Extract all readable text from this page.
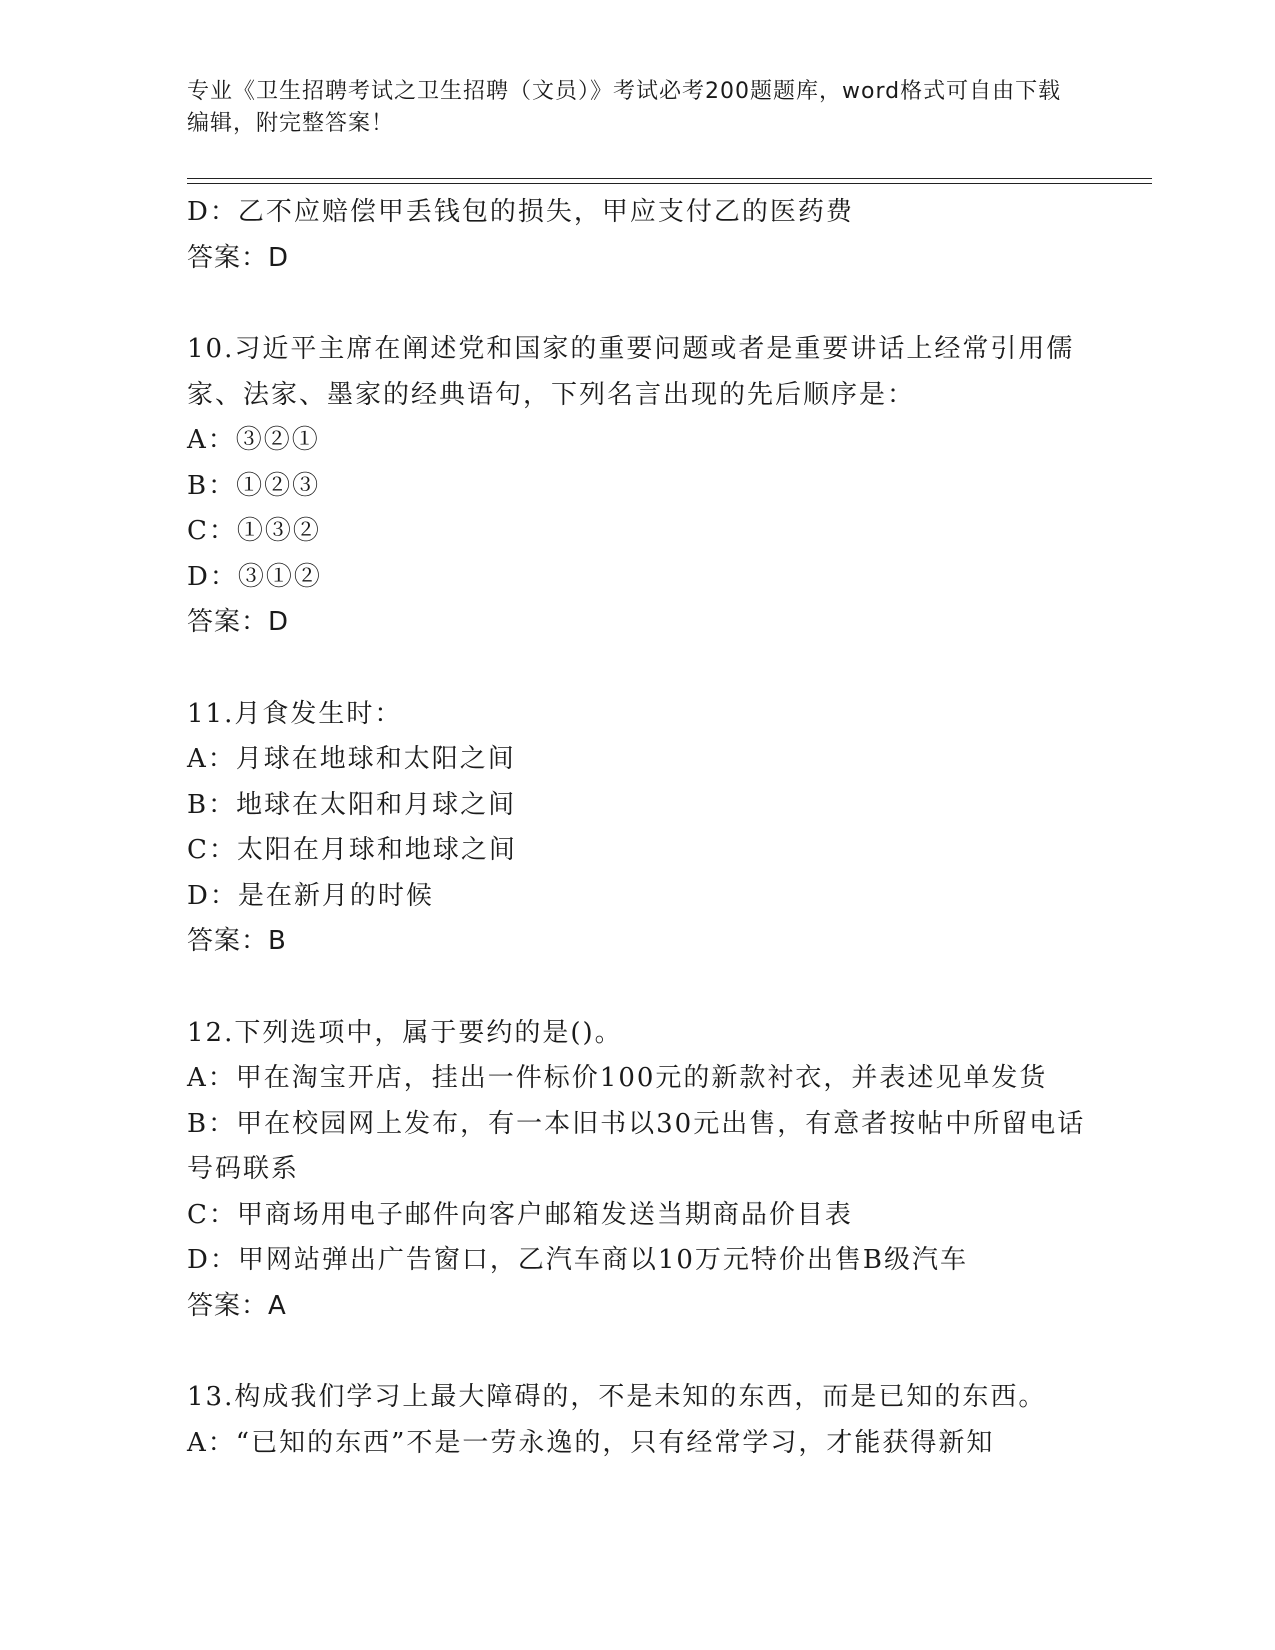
专业《卫生招聘考试之卫生招聘（文员）》考试必考200题题库，word格式可自由下载编辑，附完整答案！
D：乙不应赔偿甲丢钱包的损失，甲应支付乙的医药费
答案：D
10.习近平主席在阐述党和国家的重要问题或者是重要讲话上经常引用儒家、法家、墨家的经典语句，下列名言出现的先后顺序是：
A：③②①
B：①②③
C：①③②
D：③①②
答案：D
11.月食发生时：
A：月球在地球和太阳之间
B：地球在太阳和月球之间
C：太阳在月球和地球之间
D：是在新月的时候
答案：B
12.下列选项中，属于要约的是()。
A：甲在淘宝开店，挂出一件标价100元的新款衬衣，并表述见单发货
B：甲在校园网上发布，有一本旧书以30元出售，有意者按帖中所留电话号码联系
C：甲商场用电子邮件向客户邮箱发送当期商品价目表
D：甲网站弹出广告窗口，乙汽车商以10万元特价出售B级汽车
答案：A
13.构成我们学习上最大障碍的，不是未知的东西，而是已知的东西。
A：“已知的东西”不是一劳永逸的，只有经常学习，才能获得新知
